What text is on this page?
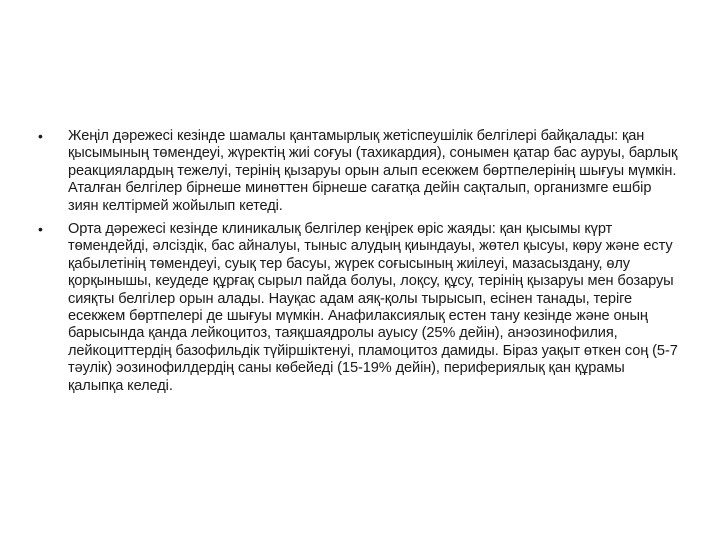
•	Жеңіл дәрежесі кезінде шамалы қантамырлық жетіспеушілік белгілері байқалады: қан қысымының төмендеуі, жүректің жиі соғуы (тахикардия), сонымен қатар бас ауруы, барлық реакциялардың тежелуі, терінің қызаруы орын алып есекжем бөртпелерінің шығуы мүмкін. Аталған белгілер бірнеше минөттен бірнеше сағатқа дейін сақталып, организмге ешбір зиян келтірмей жойылып кетеді.
•	Орта дәрежесі кезінде клиникалық белгілер кеңірек өріс жаяды: қан қысымы күрт төмендейді, әлсіздік, бас айналуы, тыныс алудың қиындауы, жөтел қысуы, көру және есту қабылетінің төмендеуі, суық тер басуы, жүрек соғысының жиілеуі, мазасыздану, өлу қорқынышы, кеудеде құрғақ сырыл пайда болуы, лоқсу, құсу, терінің қызаруы мен бозаруы сияқты белгілер орын алады. Науқас адам аяқ-қолы тырысып, есінен танады, теріге есекжем бөртпелері де шығуы мүмкін. Анафилаксиялық естен тану кезінде және оның барысында қанда лейкоцитоз, таяқшаядролы ауысу (25% дейін), анэозинофилия, лейкоциттердің базофильдік түйіршіктенуі, пламоцитоз дамиды. Біраз уақыт өткен соң (5-7 тәулік) эозинофилдердің саны көбейеді (15-19% дейін), перифериялық қан құрамы қалыпқа келеді.
